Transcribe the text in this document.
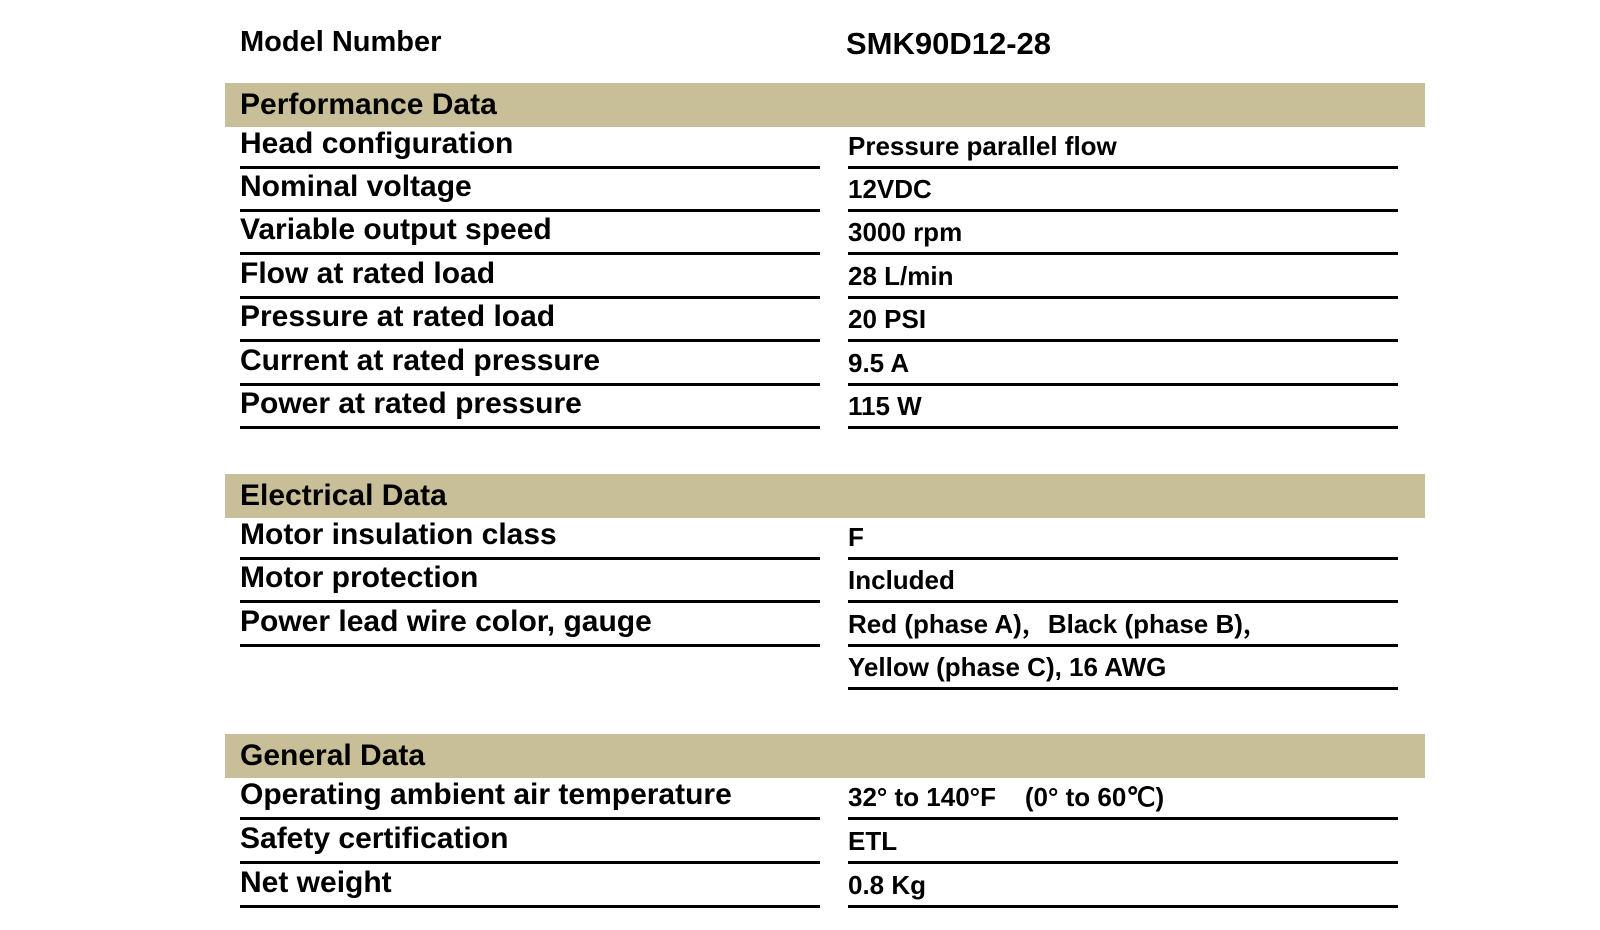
Model Number	SMK90D12-28
Performance Data
Head configuration	Pressure parallel flow
Nominal voltage	12VDC
Variable output speed	3000 rpm
Flow at rated load	28 L/min
Pressure at rated load	20 PSI
Current at rated pressure	9.5 A
Power at rated pressure	115 W
Electrical Data
Motor insulation class	F
Motor protection	Included
Power lead wire color, gauge	Red (phase A)，Black (phase B)，
Yellow (phase C), 16 AWG
General Data
Operating ambient air temperature	32° to 140°F    (0° to 60℃)
Safety certification	ETL
Net weight	0.8 Kg
